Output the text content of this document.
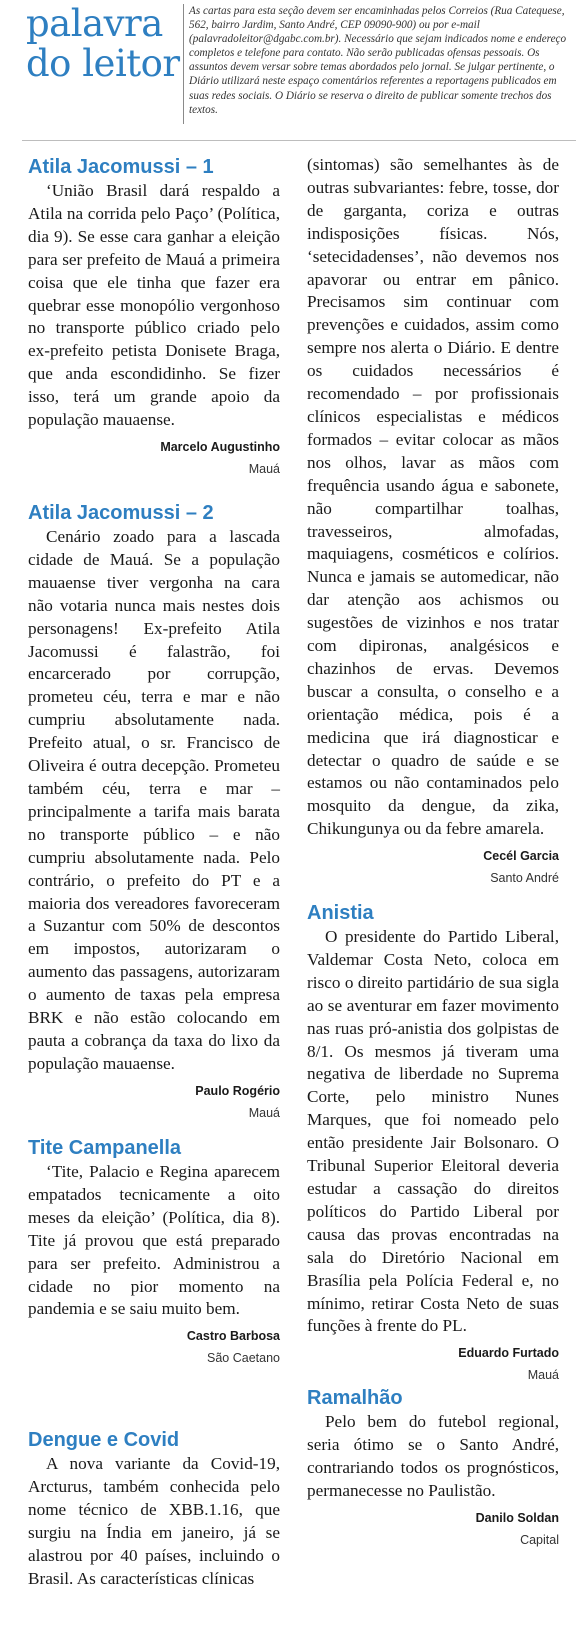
palavra
do leitor

As cartas para esta seção devem ser encaminhadas pelos Correios (Rua Catequese, 562, bairro Jardim, Santo André, CEP 09090-900) ou por e-mail (palavradoleitor@dgabc.com.br). Necessário que sejam indicados nome e endereço completos e telefone para contato. Não serão publicadas ofensas pessoais. Os assuntos devem versar sobre temas abordados pelo jornal. Se julgar pertinente, o Diário utilizará neste espaço comentários referentes a reportagens publicados em suas redes sociais. O Diário se reserva o direito de publicar somente trechos dos textos.

Atila Jacomussi – 1

‘União Brasil dará respaldo a Atila na corrida pelo Paço’ (Política, dia 9). Se esse cara ganhar a eleição para ser prefeito de Mauá a primeira coisa que ele tinha que fazer era quebrar esse monopólio vergonhoso no transporte público criado pelo ex-prefeito petista Donisete Braga, que anda escondidinho. Se fizer isso, terá um grande apoio da população mauaense.

Marcelo Augustinho
Mauá
Atila Jacomussi – 2

Cenário zoado para a lascada cidade de Mauá. Se a população mauaense tiver vergonha na cara não votaria nunca mais nestes dois personagens! Ex-prefeito Atila Jacomussi é falastrão, foi encarcerado por corrupção, prometeu céu, terra e mar e não cumpriu absolutamente nada. Prefeito atual, o sr. Francisco de Oliveira é outra decepção. Prometeu também céu, terra e mar – principalmente a tarifa mais barata no transporte público – e não cumpriu absolutamente nada. Pelo contrário, o prefeito do PT e a maioria dos vereadores favoreceram a Suzantur com 50% de descontos em impostos, autorizaram o aumento das passagens, autorizaram o aumento de taxas pela empresa BRK e não estão colocando em pauta a cobrança da taxa do lixo da população mauaense.

Paulo Rogério
Mauá
Tite Campanella

‘Tite, Palacio e Regina aparecem empatados tecnicamente a oito meses da eleição’ (Política, dia 8). Tite já provou que está preparado para ser prefeito. Administrou a cidade no pior momento na pandemia e se saiu muito bem.

Castro Barbosa
São Caetano
Dengue e Covid

A nova variante da Covid-19, Arcturus, também conhecida pelo nome técnico de XBB.1.16, que surgiu na Índia em janeiro, já se alastrou por 40 países, incluindo o Brasil. As características clínicas

(sintomas) são semelhantes às de outras subvariantes: febre, tosse, dor de garganta, coriza e outras indisposições físicas. Nós, ‘setecidadenses’, não devemos nos apavorar ou entrar em pânico. Precisamos sim continuar com prevenções e cuidados, assim como sempre nos alerta o Diário. E dentre os cuidados necessários é recomendado – por profissionais clínicos especialistas e médicos formados – evitar colocar as mãos nos olhos, lavar as mãos com frequência usando água e sabonete, não compartilhar toalhas, travesseiros, almofadas, maquiagens, cosméticos e colírios. Nunca e jamais se automedicar, não dar atenção aos achismos ou sugestões de vizinhos e nos tratar com dipironas, analgésicos e chazinhos de ervas. Devemos buscar a consulta, o conselho e a orientação médica, pois é a medicina que irá diagnosticar e detectar o quadro de saúde e se estamos ou não contaminados pelo mosquito da dengue, da zika, Chikungunya ou da febre amarela.

Cecél Garcia
Santo André
Anistia

O presidente do Partido Liberal, Valdemar Costa Neto, coloca em risco o direito partidário de sua sigla ao se aventurar em fazer movimento nas ruas pró-anistia dos golpistas de 8/1. Os mesmos já tiveram uma negativa de liberdade no Suprema Corte, pelo ministro Nunes Marques, que foi nomeado pelo então presidente Jair Bolsonaro. O Tribunal Superior Eleitoral deveria estudar a cassação do direitos políticos do Partido Liberal por causa das provas encontradas na sala do Diretório Nacional em Brasília pela Polícia Federal e, no mínimo, retirar Costa Neto de suas funções à frente do PL.

Eduardo Furtado
Mauá
Ramalhão

Pelo bem do futebol regional, seria ótimo se o Santo André, contrariando todos os prognósticos, permanecesse no Paulistão.

Danilo Soldan
Capital
